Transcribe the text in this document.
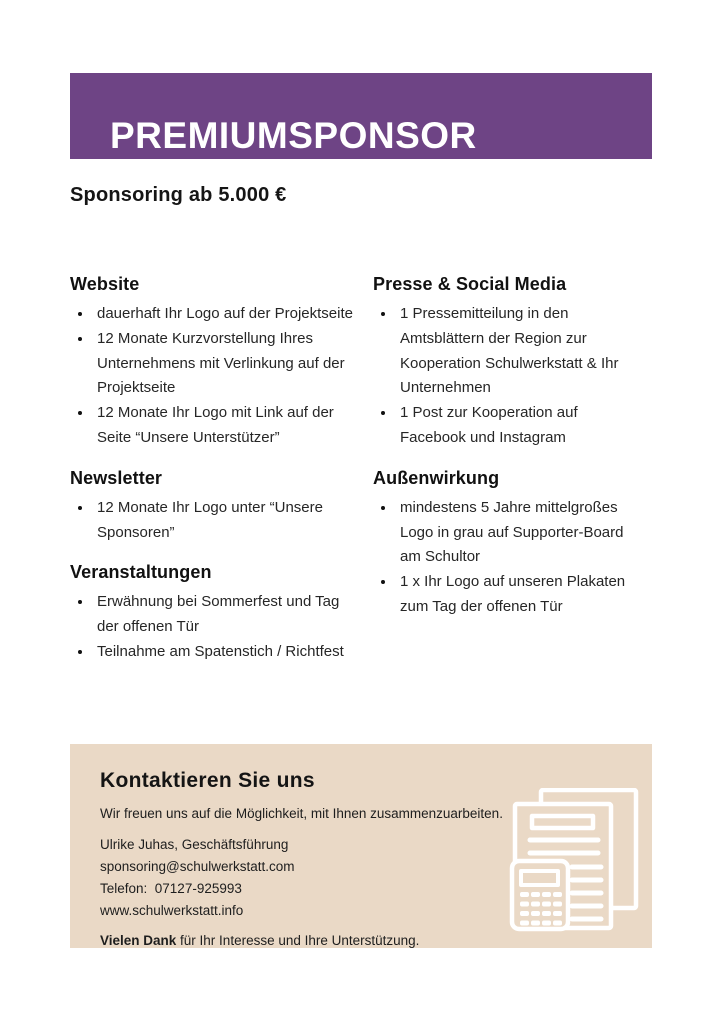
PREMIUMSPONSOR
Sponsoring ab 5.000 €
Website
• dauerhaft Ihr Logo auf der Projektseite
• 12 Monate Kurzvorstellung Ihres Unternehmens mit Verlinkung auf der Projektseite
• 12 Monate Ihr Logo mit Link auf der Seite “Unsere Unterstützer”
Newsletter
• 12 Monate Ihr Logo unter “Unsere Sponsoren”
Veranstaltungen
• Erwähnung bei Sommerfest und Tag der offenen Tür
• Teilnahme am Spatenstich / Richtfest
Presse & Social Media
• 1 Pressemitteilung in den Amtsblättern der Region zur Kooperation Schulwerkstatt & Ihr Unternehmen
• 1 Post zur Kooperation auf Facebook und Instagram
Außenwirkung
• mindestens 5 Jahre mittelgroßes Logo in grau auf Supporter-Board am Schultor
• 1 x Ihr Logo auf unseren Plakaten zum Tag der offenen Tür
Kontaktieren Sie uns

Wir freuen uns auf die Möglichkeit, mit Ihnen zusammenzuarbeiten.

Ulrike Juhas, Geschäftsführung

sponsoring@schulwerkstatt.com

Telefon:  07127-925993

www.schulwerkstatt.info

Vielen Dank für Ihr Interesse und Ihre Unterstützung.
